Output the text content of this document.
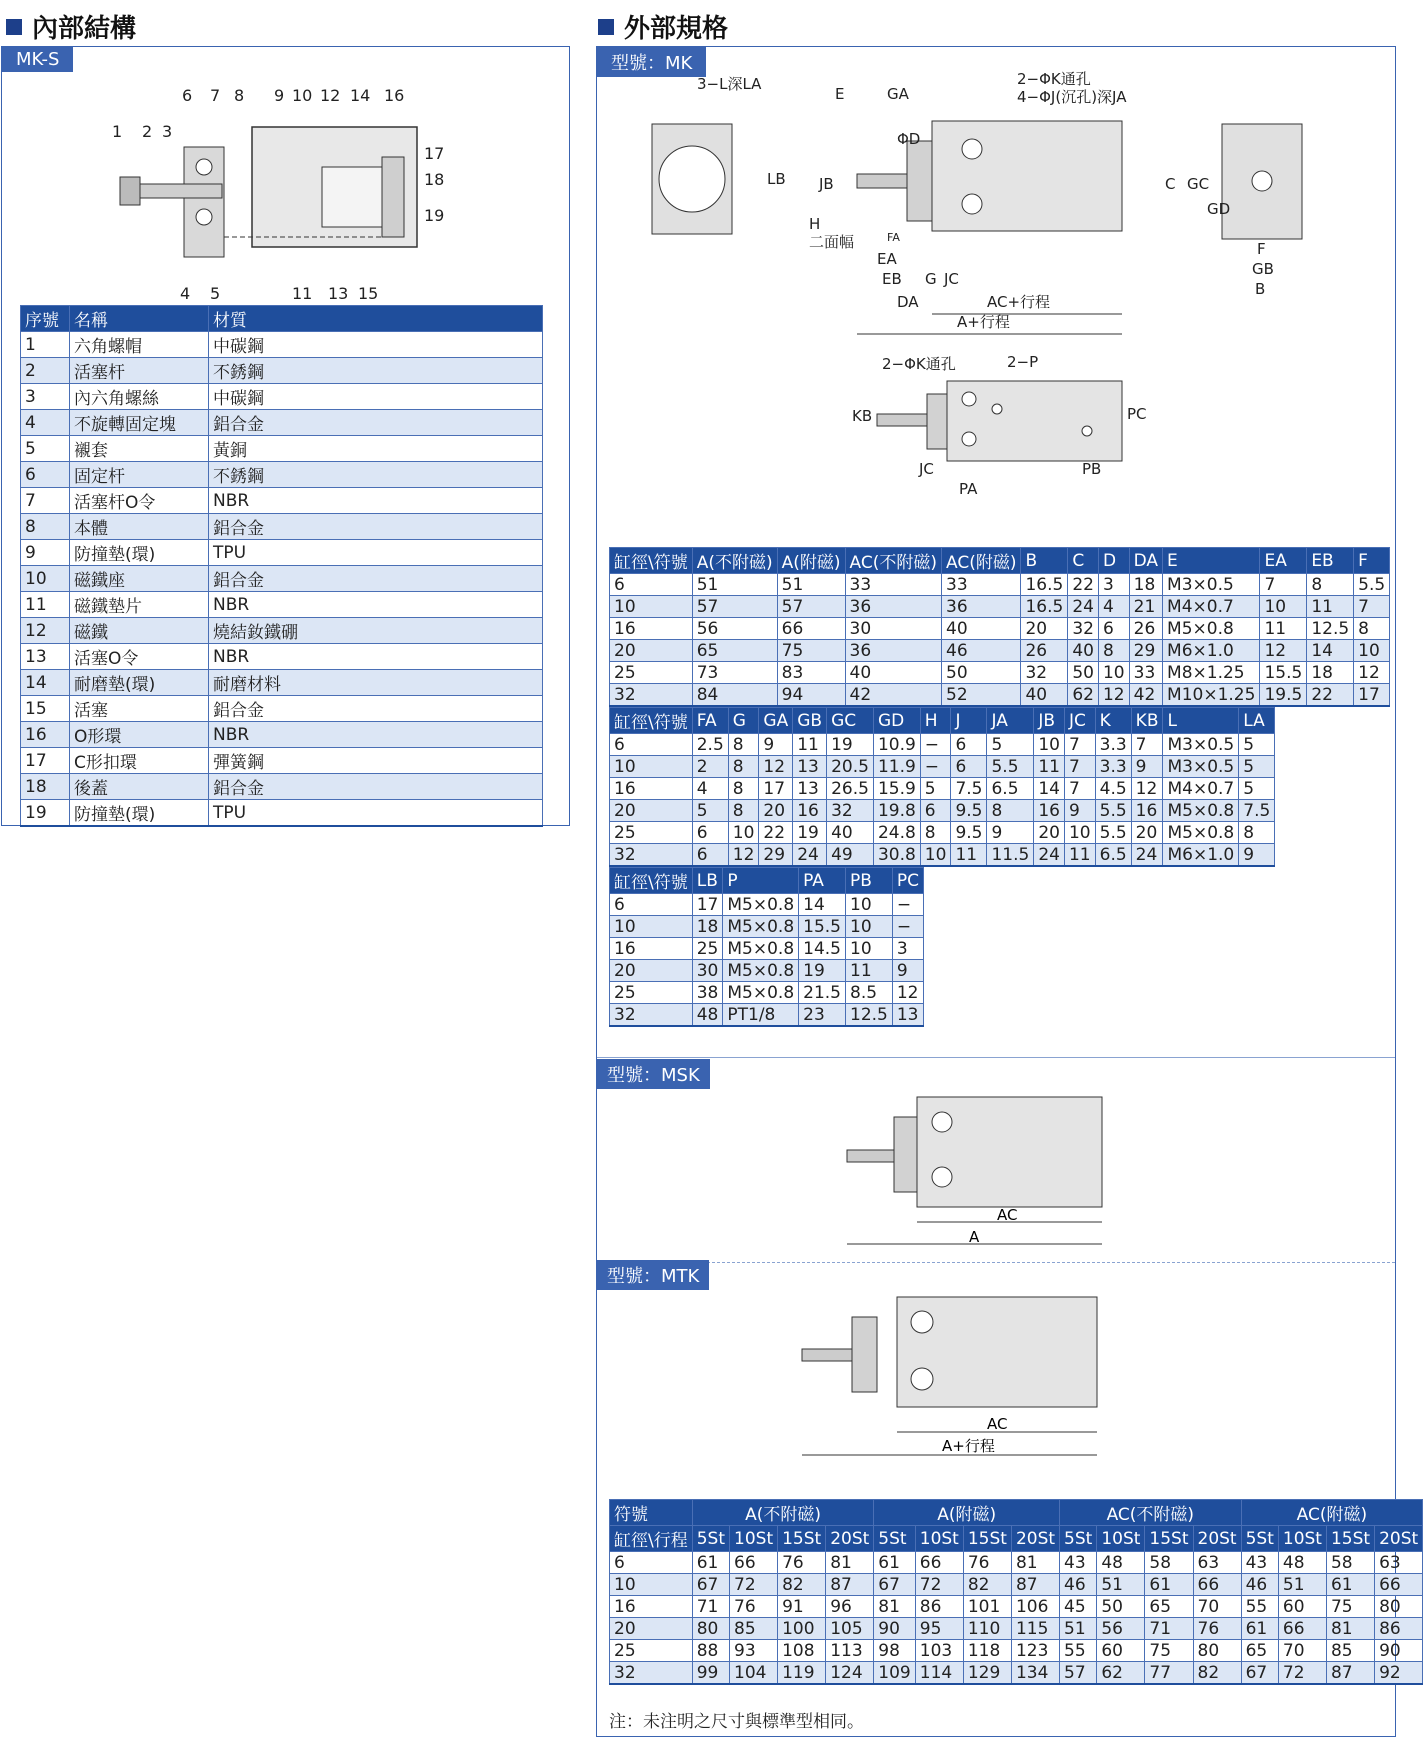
內部結構
MK-S
1 2 3
4 5
6 7 8 9 10
11
12
13
14
15
16
17
18
19
序號	名稱	材質
1	六角螺帽	中碳鋼
2	活塞杆	不銹鋼
3	內六角螺絲	中碳鋼
4	不旋轉固定塊	鋁合金
5	襯套	黃銅
6	固定杆	不銹鋼
7	活塞杆O令	NBR
8	本體	鋁合金
9	防撞墊(環)	TPU
10	磁鐵座	鋁合金
11	磁鐵墊片	NBR
12	磁鐵	燒結釹鐵硼
13	活塞O令	NBR
14	耐磨墊(環)	耐磨材料
15	活塞	鋁合金
16	O形環	NBR
17	C形扣環	彈簧鋼
18	後蓋	鋁合金
19	防撞墊(環)	TPU
外部規格
型號：MK
3−L深LA
LB
E	GA
ΦD
2−ΦK通孔
4−ΦJ(沉孔)深JA
JB
H
二面幅	FA
EA
EB G JC
DA	AC+行程
A+行程
C GC
GD
F
GB
B
2−ΦK通孔	2−P
KB	PC
JC	PB
PA
缸徑\符號	A(不附磁)	A(附磁)	AC(不附磁)	AC(附磁)	B	C	D	DA	E	EA	EB	F
6	51	51	33	33	16.5	22	3	18	M3×0.5	7	8	5.5
10	57	57	36	36	16.5	24	4	21	M4×0.7	10	11	7
16	56	66	30	40	20	32	6	26	M5×0.8	11	12.5	8
20	65	75	36	46	26	40	8	29	M6×1.0	12	14	10
25	73	83	40	50	32	50	10	33	M8×1.25	15.5	18	12
32	84	94	42	52	40	62	12	42	M10×1.25	19.5	22	17
缸徑\符號	FA	G	GA	GB	GC	GD	H	J	JA	JB	JC	K	KB	L	LA
6	2.5	8	9	11	19	10.9	−	6	5	10	7	3.3	7	M3×0.5	5
10	2	8	12	13	20.5	11.9	−	6	5.5	11	7	3.3	9	M3×0.5	5
16	4	8	17	13	26.5	15.9	5	7.5	6.5	14	7	4.5	12	M4×0.7	5
20	5	8	20	16	32	19.8	6	9.5	8	16	9	5.5	16	M5×0.8	7.5
25	6	10	22	19	40	24.8	8	9.5	9	20	10	5.5	20	M5×0.8	8
32	6	12	29	24	49	30.8	10	11	11.5	24	11	6.5	24	M6×1.0	9
缸徑\符號	LB	P	PA	PB	PC
6	17	M5×0.8	14	10	−
10	18	M5×0.8	15.5	10	−
16	25	M5×0.8	14.5	10	3
20	30	M5×0.8	19	11	9
25	38	M5×0.8	21.5	8.5	12
32	48	PT1/8	23	12.5	13
型號：MSK
AC
A
型號：MTK
AC
A+行程
符號	A(不附磁)				A(附磁)				AC(不附磁)				AC(附磁)			
缸徑\行程	5St	10St	15St	20St	5St	10St	15St	20St	5St	10St	15St	20St	5St	10St	15St	20St
6	61	66	76	81	61	66	76	81	43	48	58	63	43	48	58	63
10	67	72	82	87	67	72	82	87	46	51	61	66	46	51	61	66
16	71	76	91	96	81	86	101	106	45	50	65	70	55	60	75	80
20	80	85	100	105	90	95	110	115	51	56	71	76	61	66	81	86
25	88	93	108	113	98	103	118	123	55	60	75	80	65	70	85	90
32	99	104	119	124	109	114	129	134	57	62	77	82	67	72	87	92
注：未注明之尺寸與標準型相同。
